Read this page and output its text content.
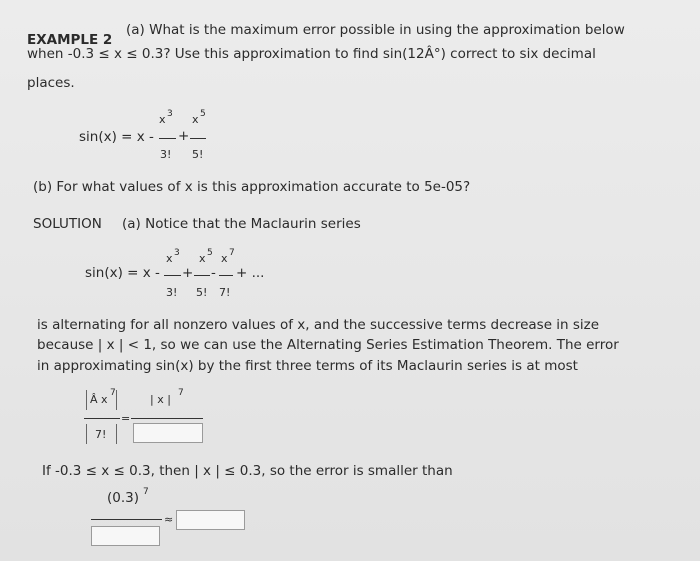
EXAMPLE 2
(a) What is the maximum error possible in using the approximation below
when -0.3 ≤ x ≤ 0.3? Use this approximation to find sin(12Â°) correct to six decimal
places.
x 3 x 5
sin(x) = x - +
3! 5!
(b) For what values of x is this approximation accurate to 5e-05?
SOLUTION (a) Notice that the Maclaurin series
x 3 x 5 x 7
sin(x) = x - + - + ...
3! 5! 7!
is alternating for all nonzero values of x, and the successive terms decrease in size
because | x | < 1, so we can use the Alternating Series Estimation Theorem. The error
in approximating sin(x) by the first three terms of its Maclaurin series is at most
Â x 7	| x | 7
=
7!
If -0.3 ≤ x ≤ 0.3, then | x | ≤ 0.3, so the error is smaller than
(0.3) 7
≈
